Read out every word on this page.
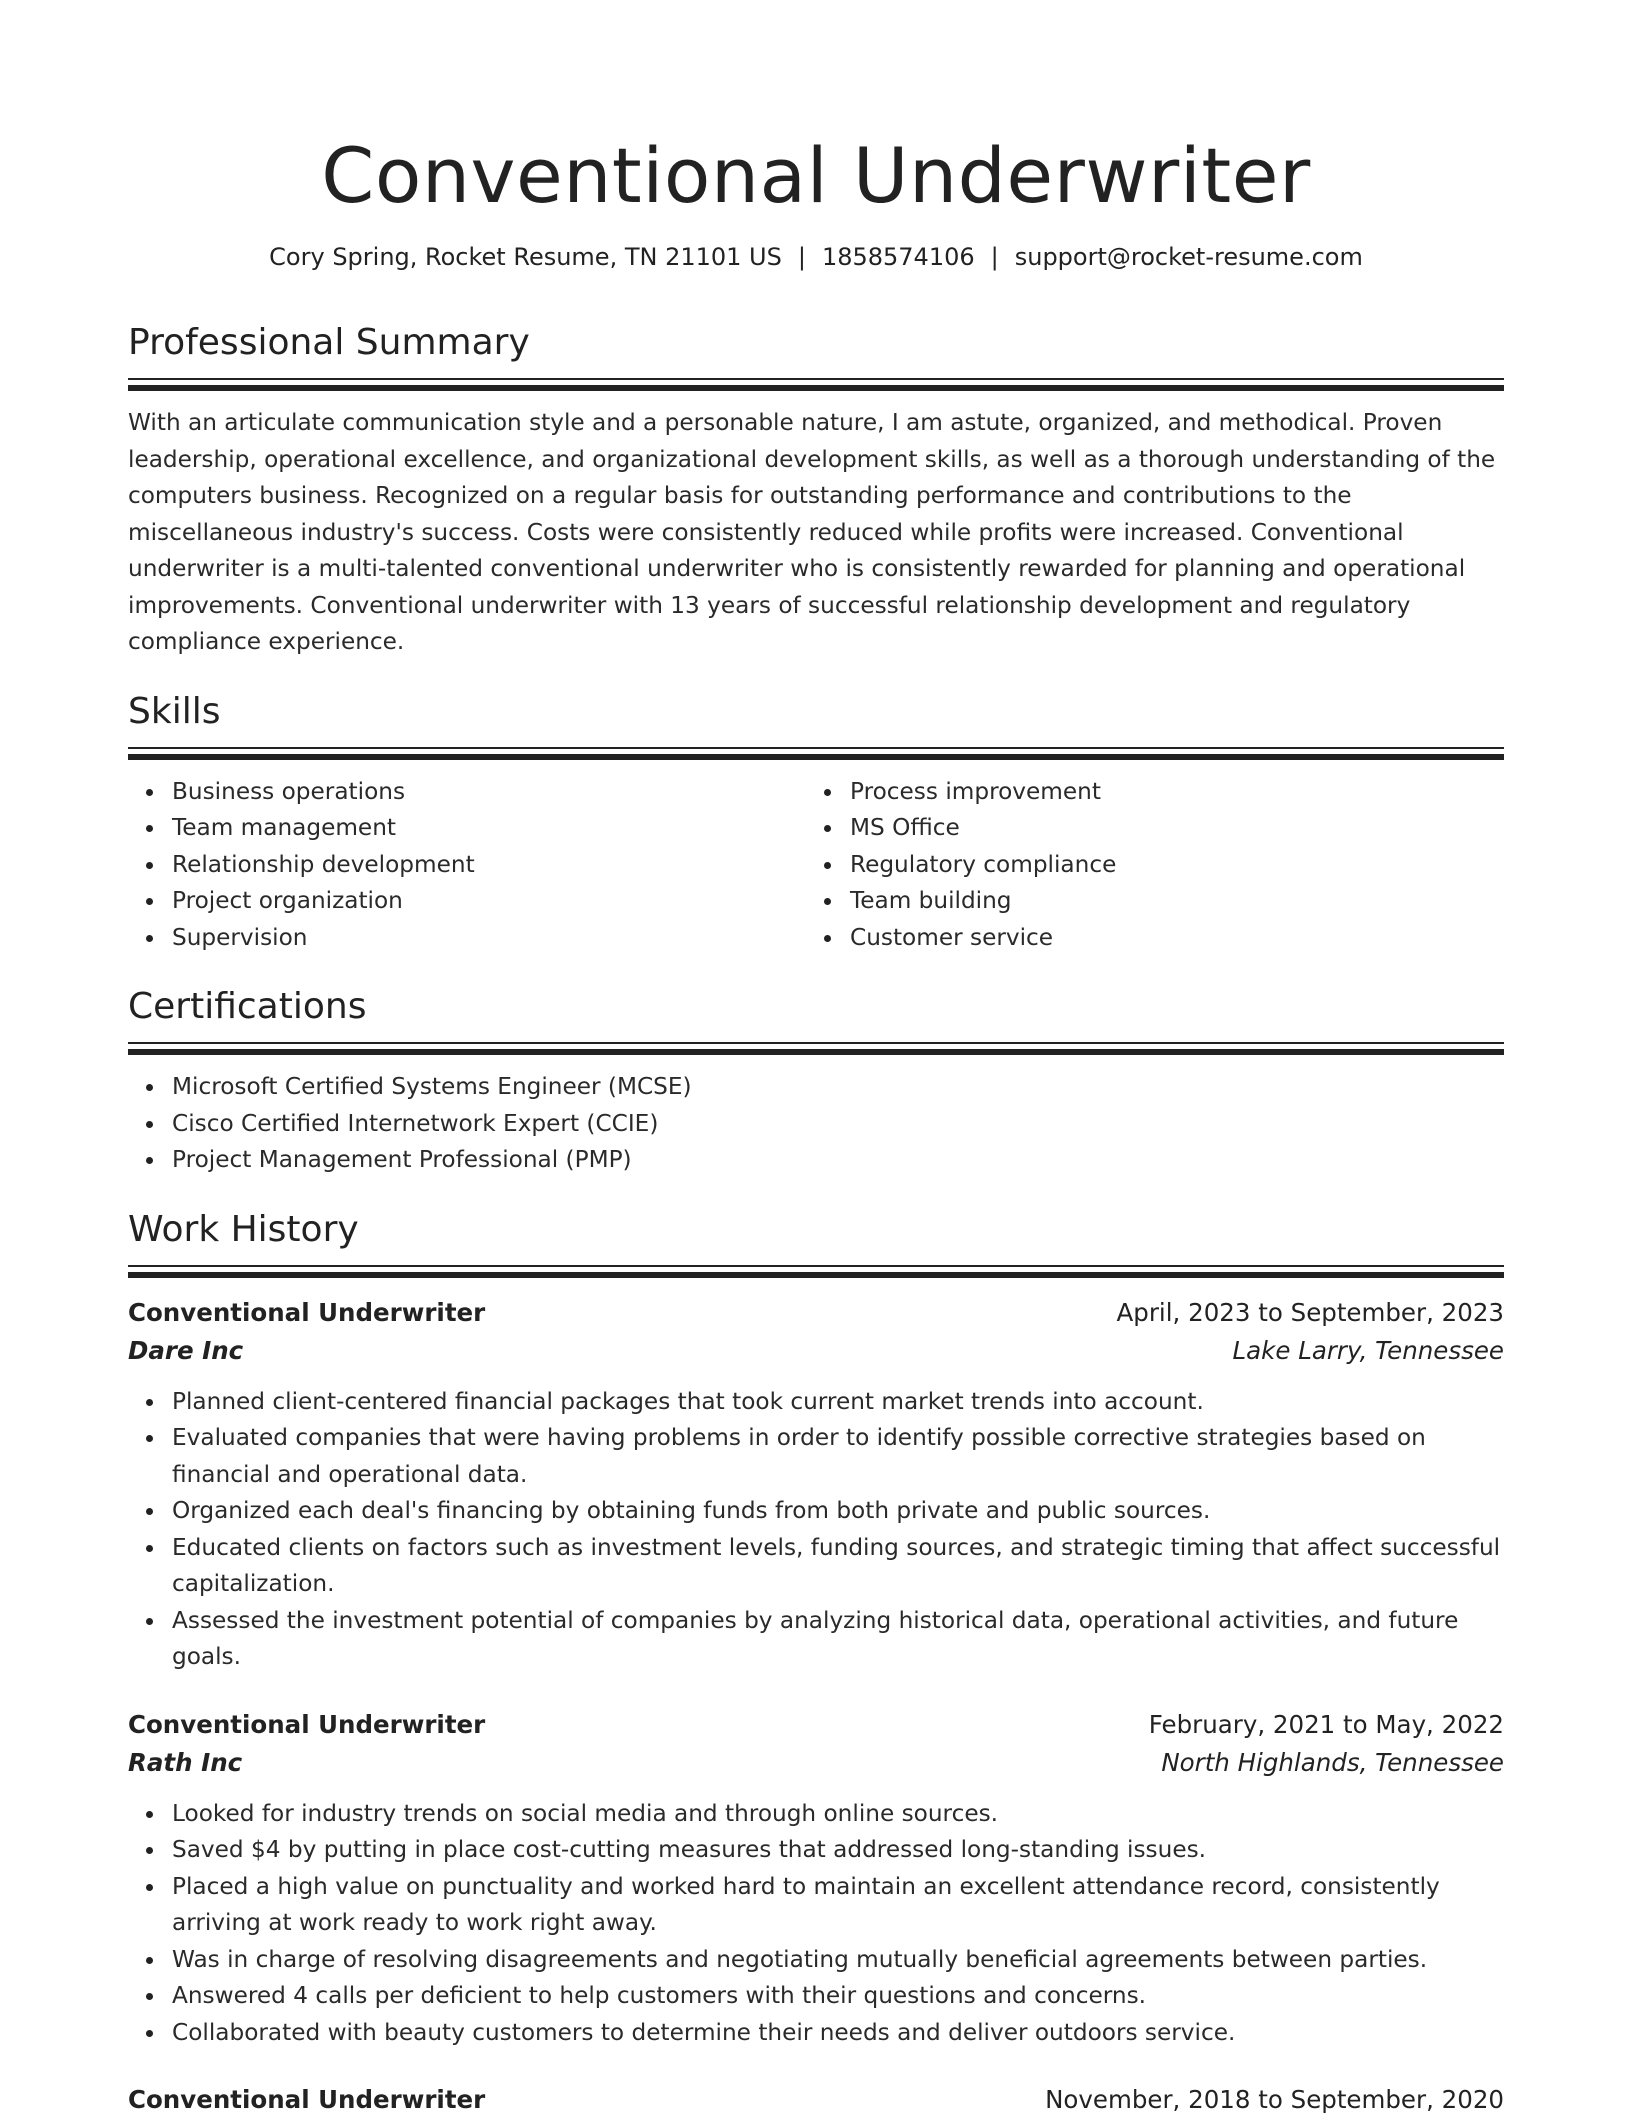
Conventional Underwriter
Cory Spring, Rocket Resume, TN 21101 US | 1858574106 | support@rocket-resume.com
Professional Summary

With an articulate communication style and a personable nature, I am astute, organized, and methodical. Proven leadership, operational excellence, and organizational development skills, as well as a thorough understanding of the computers business. Recognized on a regular basis for outstanding performance and contributions to the miscellaneous industry's success. Costs were consistently reduced while profits were increased. Conventional underwriter is a multi-talented conventional underwriter who is consistently rewarded for planning and operational improvements. Conventional underwriter with 13 years of successful relationship development and regulatory compliance experience.

Skills
Business operations
Team management
Relationship development
Project organization
Supervision
Process improvement
MS Office
Regulatory compliance
Team building
Customer service
Certifications
Microsoft Certified Systems Engineer (MCSE)
Cisco Certified Internetwork Expert (CCIE)
Project Management Professional (PMP)
Work History
Conventional Underwriter	April, 2023 to September, 2023
Dare Inc	Lake Larry, Tennessee
Planned client-centered financial packages that took current market trends into account.
Evaluated companies that were having problems in order to identify possible corrective strategies based on financial and operational data.
Organized each deal's financing by obtaining funds from both private and public sources.
Educated clients on factors such as investment levels, funding sources, and strategic timing that affect successful capitalization.
Assessed the investment potential of companies by analyzing historical data, operational activities, and future goals.
Conventional Underwriter	February, 2021 to May, 2022
Rath Inc	North Highlands, Tennessee
Looked for industry trends on social media and through online sources.
Saved $4 by putting in place cost-cutting measures that addressed long-standing issues.
Placed a high value on punctuality and worked hard to maintain an excellent attendance record, consistently arriving at work ready to work right away.
Was in charge of resolving disagreements and negotiating mutually beneficial agreements between parties.
Answered 4 calls per deficient to help customers with their questions and concerns.
Collaborated with beauty customers to determine their needs and deliver outdoors service.
Conventional Underwriter	November, 2018 to September, 2020
